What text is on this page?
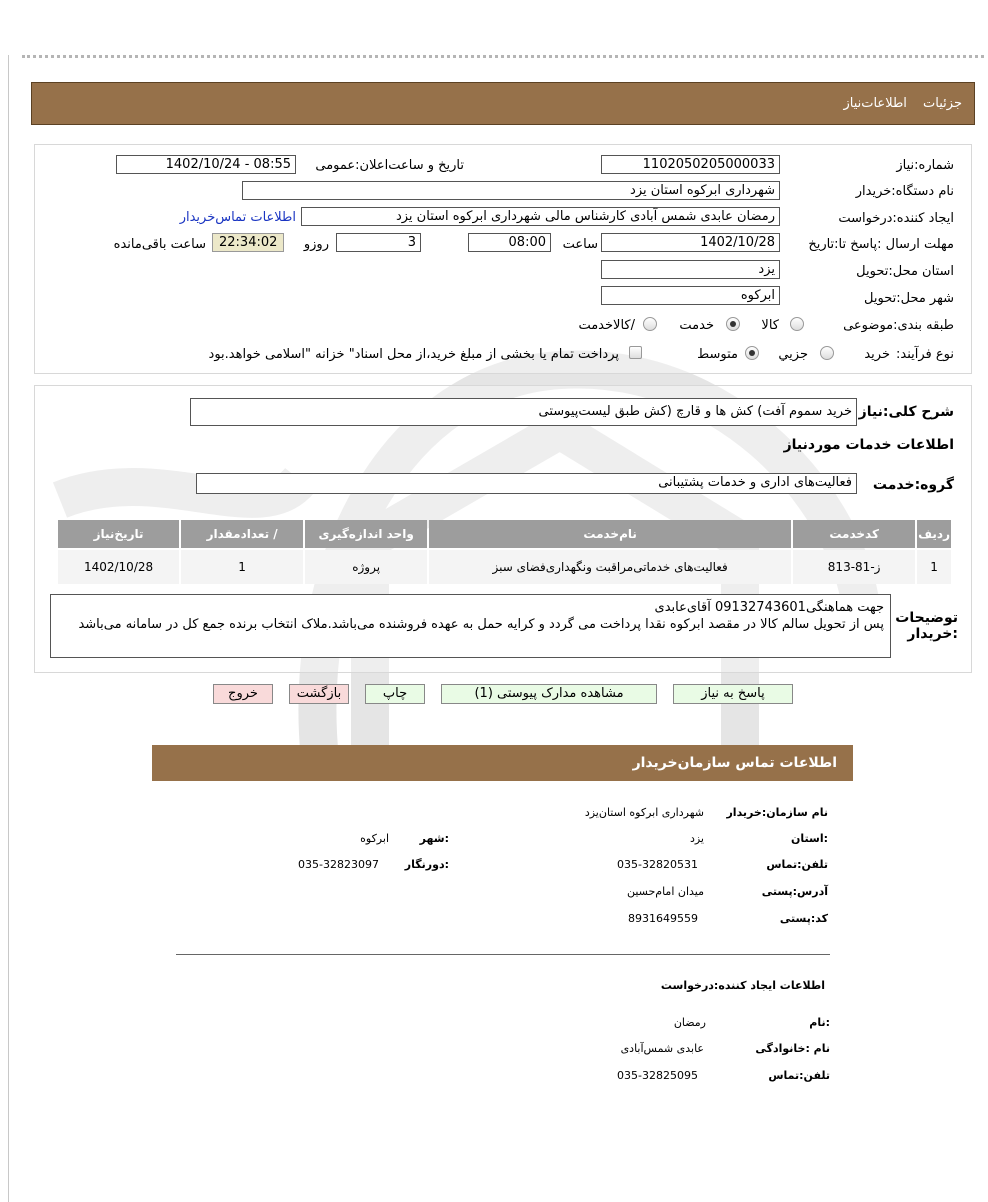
جزئیات اطلاعات‌نیاز
شماره:نیاز
1102050205000033
تاریخ و ساعت‌اعلان:عمومی
1402/10/24 - 08:55
نام دستگاه:خریدار
شهرداری ابرکوه استان یزد
ایجاد کننده:درخواست
رمضان عابدی شمس آبادی کارشناس مالی شهرداری ابرکوه استان یزد
اطلاعات تماس‌خریدار
مهلت ارسال :پاسخ تا:تاریخ
1402/10/28
ساعت
08:00
3
روزو
22:34:02
ساعت باقی‌مانده
استان محل:تحویل
یزد
شهر محل:تحویل
ابرکوه
طبقه بندی:موضوعی
کالا
خدمت
/کالاخدمت
نوع فرآیند:
خرید
جزیي
متوسط
پرداخت تمام یا بخشی از مبلغ خرید،از محل اسناد" خزانه "اسلامی خواهد.بود
شرح کلی:نیاز
خرید سموم آفت) کش ها و قارچ (کش طبق لیست‌پیوستی
اطلاعات خدمات موردنیاز
گروه:خدمت
فعالیت‌های اداری و خدمات پشتیبانی
ردیف	کدخدمت	نام‌خدمت	واحد اندازه‌گیری	/ تعدادمقدار	تاریخ‌نیاز
1	ز-81-813	فعالیت‌های خدماتی‌مراقبت و‌نگهداری‌فضای سبز	پروژه	1	1402/10/28
توضیحات :خریدار
جهت هماهنگی09132743601 آقای‌عابدی
پس از تحویل سالم کالا در مقصد ابرکوه نقدا پرداخت می گردد و کرایه حمل به عهده فروشنده می‌باشد.ملاک انتخاب برنده جمع کل در سامانه می‌باشد
پاسخ به نیاز
مشاهده مدارک پیوستی (1)
چاپ
بازگشت
خروج
اطلاعات تماس سازمان‌خریدار
نام سازمان:خریدار
شهرداری ابرکوه استان‌یزد
:استان
یزد
:شهر
ابرکوه
تلفن:تماس
035-32820531
:دورنگار
035-32823097
آدرس:پستی
میدان امام‌حسین
کد:پستی
8931649559
اطلاعات ایجاد کننده:درخواست
:نام
رمضان
نام :خانوادگی
عابدی شمس‌آبادی
تلفن:تماس
035-32825095
